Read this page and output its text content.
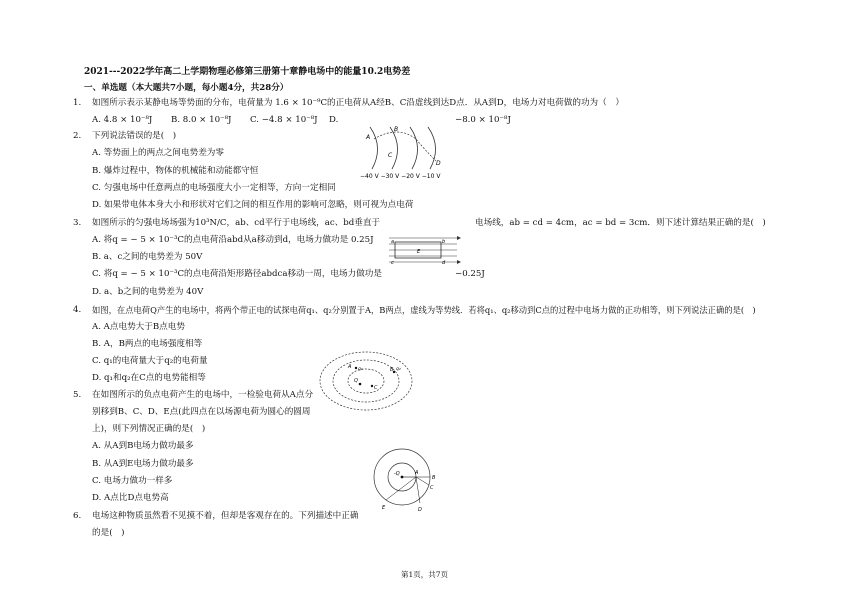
2021---2022学年高二上学期物理必修第三册第十章静电场中的能量10.2电势差
一、单选题（本大题共7小题，每小题4分，共28分）
1. 如图所示表示某静电场等势面的分布，电荷量为 1.6 × 10⁻⁹C的正电荷从A经B、C沿虚线到达D点．从A到D，电场力对电荷做的功为（　）
A. 4.8 × 10⁻⁸J B. 8.0 × 10⁻⁸J C. −4.8 × 10⁻⁸J D.	−8.0 × 10⁻⁸J
A
B
C
D
−40 V −30 V −20 V −10 V
2. 下列说法错误的是(　)
A. 等势面上的两点之间电势差为零
B. 爆炸过程中，物体的机械能和动能都守恒
C. 匀强电场中任意两点的电场强度大小一定相等，方向一定相同
D. 如果带电体本身大小和形状对它们之间的相互作用的影响可忽略，则可视为点电荷
3. 如图所示的匀强电场场强为10³N/C，ab、cd平行于电场线，ac、bd垂直于	电场线，ab = cd = 4cm，ac = bd = 3cm．则下述计算结果正确的是(　)
A. 将q = − 5 × 10⁻³C的点电荷沿abd从a移动到d，电场力做功是 0.25J
B. a、c之间的电势差为 50V
C. 将q = − 5 × 10⁻³C的点电荷沿矩形路径abdca移动一周，电场力做功是	−0.25J
D. a、b之间的电势差为 40V
a	b
c	d
E
4. 如图，在点电荷Q产生的电场中，将两个带正电的试探电荷q₁、q₂分别置于A，B两点，虚线为等势线．若将q₁、q₂移动到C点的过程中电场力做的正功相等，则下列说法正确的是(　)
A. A点电势大于B点电势
B. A，B两点的电场强度相等
C. q₁的电荷量大于q₂的电荷量
D. q₁和q₂在C点的电势能相等	Q
A q₁	B q₂
C
5. 在如图所示的负点电荷产生的电场中，一检验电荷从A点分
别移到B、C、D、E点(此四点在以场源电荷为圆心的圆周
上)，则下列情况正确的是(　)
A. 从A到B电场力做功最多
B. 从A到E电场力做功最多
C. 电场力做功一样多
D. A点比D点电势高
-Q	A
B
C
D
E
6. 电场这种物质虽然看不见摸不着，但却是客观存在的。下列描述中正确
的是(　)
第1页，共7页
